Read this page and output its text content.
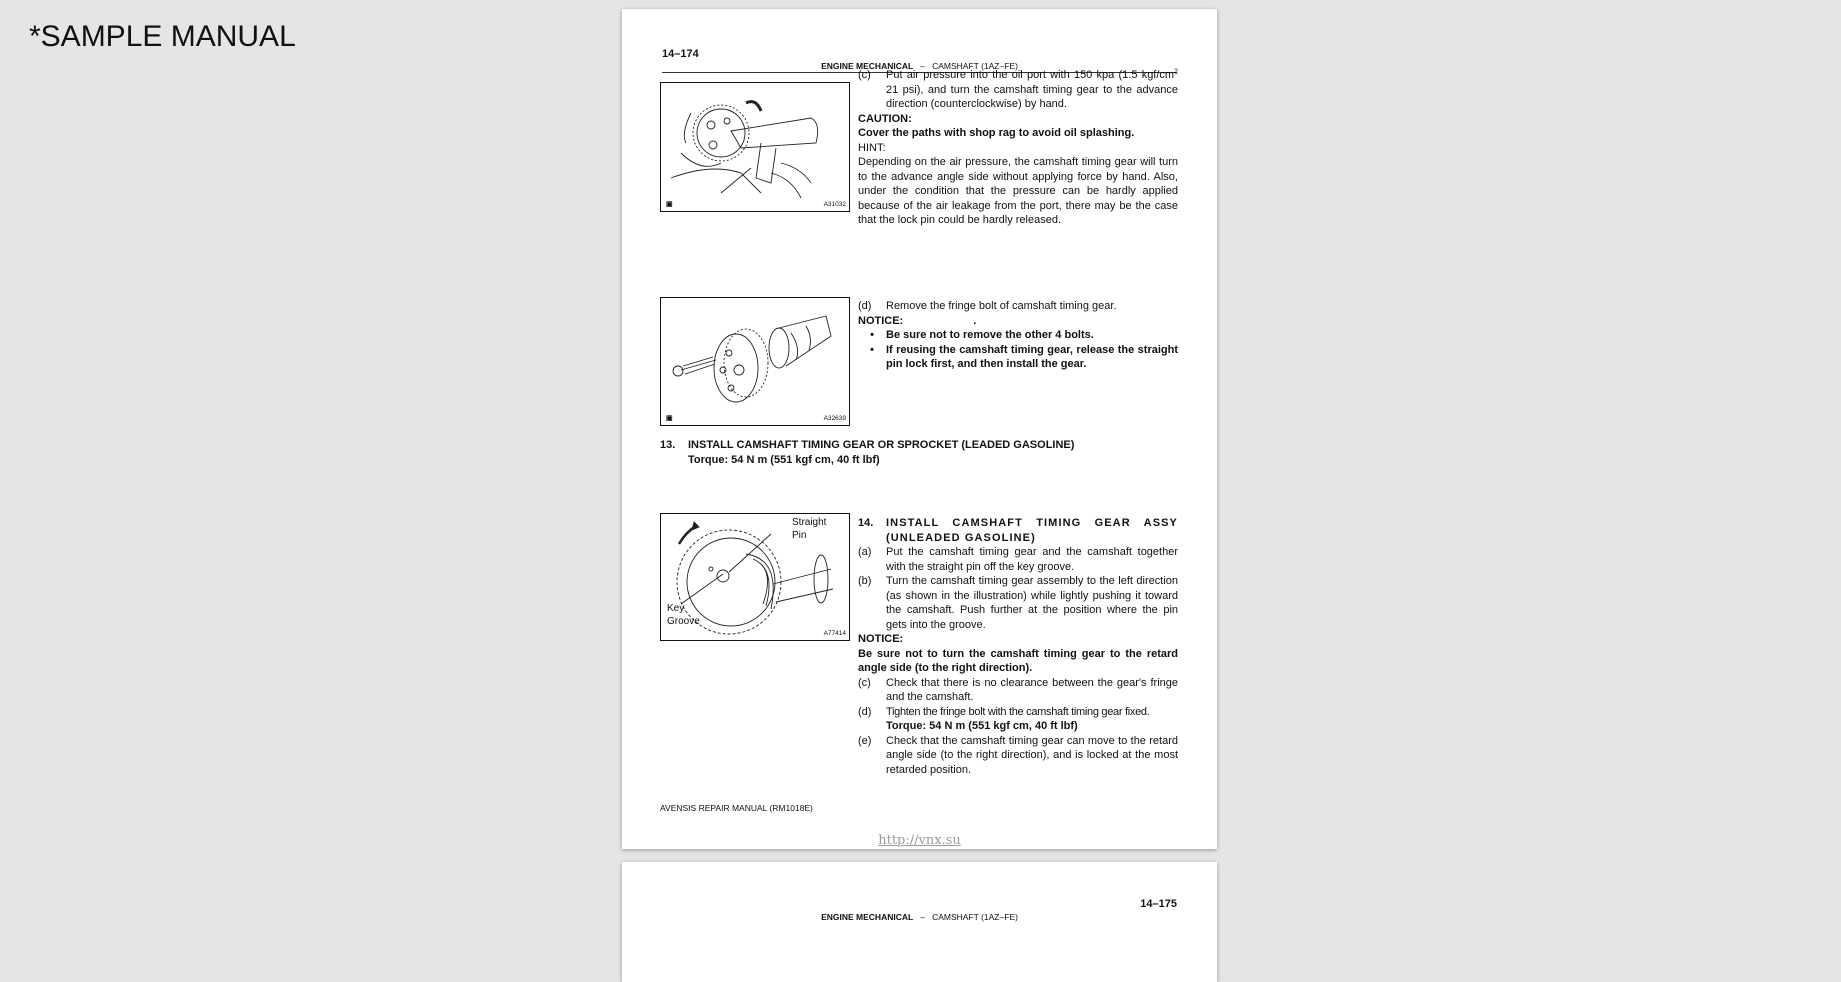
*SAMPLE MANUAL
14–174
ENGINE MECHANICAL – CAMSHAFT (1AZ–FE)
▣	A31032
(c)	Put air pressure into the oil port with 150 kpa (1.5 kgf/$cm^2$ 21 psi), and turn the camshaft timing gear to the advance direction (counterclockwise) by hand.
CAUTION:
Cover the paths with shop rag to avoid oil splashing.
HINT:
Depending on the air pressure, the camshaft timing gear will turn to the advance angle side without applying force by hand. Also, under the condition that the pressure can be hardly applied because of the air leakage from the port, there may be the case that the lock pin could be hardly released.
▣	A32639
(d)	Remove the fringe bolt of camshaft timing gear.
NOTICE:	.
•	Be sure not to remove the other 4 bolts.
•	If reusing the camshaft timing gear, release the straight pin lock first, and then install the gear.
13.	INSTALL CAMSHAFT TIMING GEAR OR SPROCKET (LEADED GASOLINE)
Torque: 54 N m (551 kgf cm, 40 ft lbf)
Straight
Pin
Key
Groove
A77414
14.	INSTALL CAMSHAFT TIMING GEAR ASSY (UNLEADED GASOLINE)
(a)	Put the camshaft timing gear and the camshaft together with the straight pin off the key groove.
(b)	Turn the camshaft timing gear assembly to the left direction (as shown in the illustration) while lightly pushing it toward the camshaft. Push further at the position where the pin gets into the groove.
NOTICE:
Be sure not to turn the camshaft timing gear to the retard angle side (to the right direction).
(c)	Check that there is no clearance between the gear's fringe and the camshaft.
(d)	Tighten the fringe bolt with the camshaft timing gear fixed.
Torque: 54 N m (551 kgf cm, 40 ft lbf)
(e)	Check that the camshaft timing gear can move to the retard angle side (to the right direction), and is locked at the most retarded position.
AVENSIS REPAIR MANUAL (RM1018E)
http://vnx.su
14–175
ENGINE MECHANICAL – CAMSHAFT (1AZ–FE)
